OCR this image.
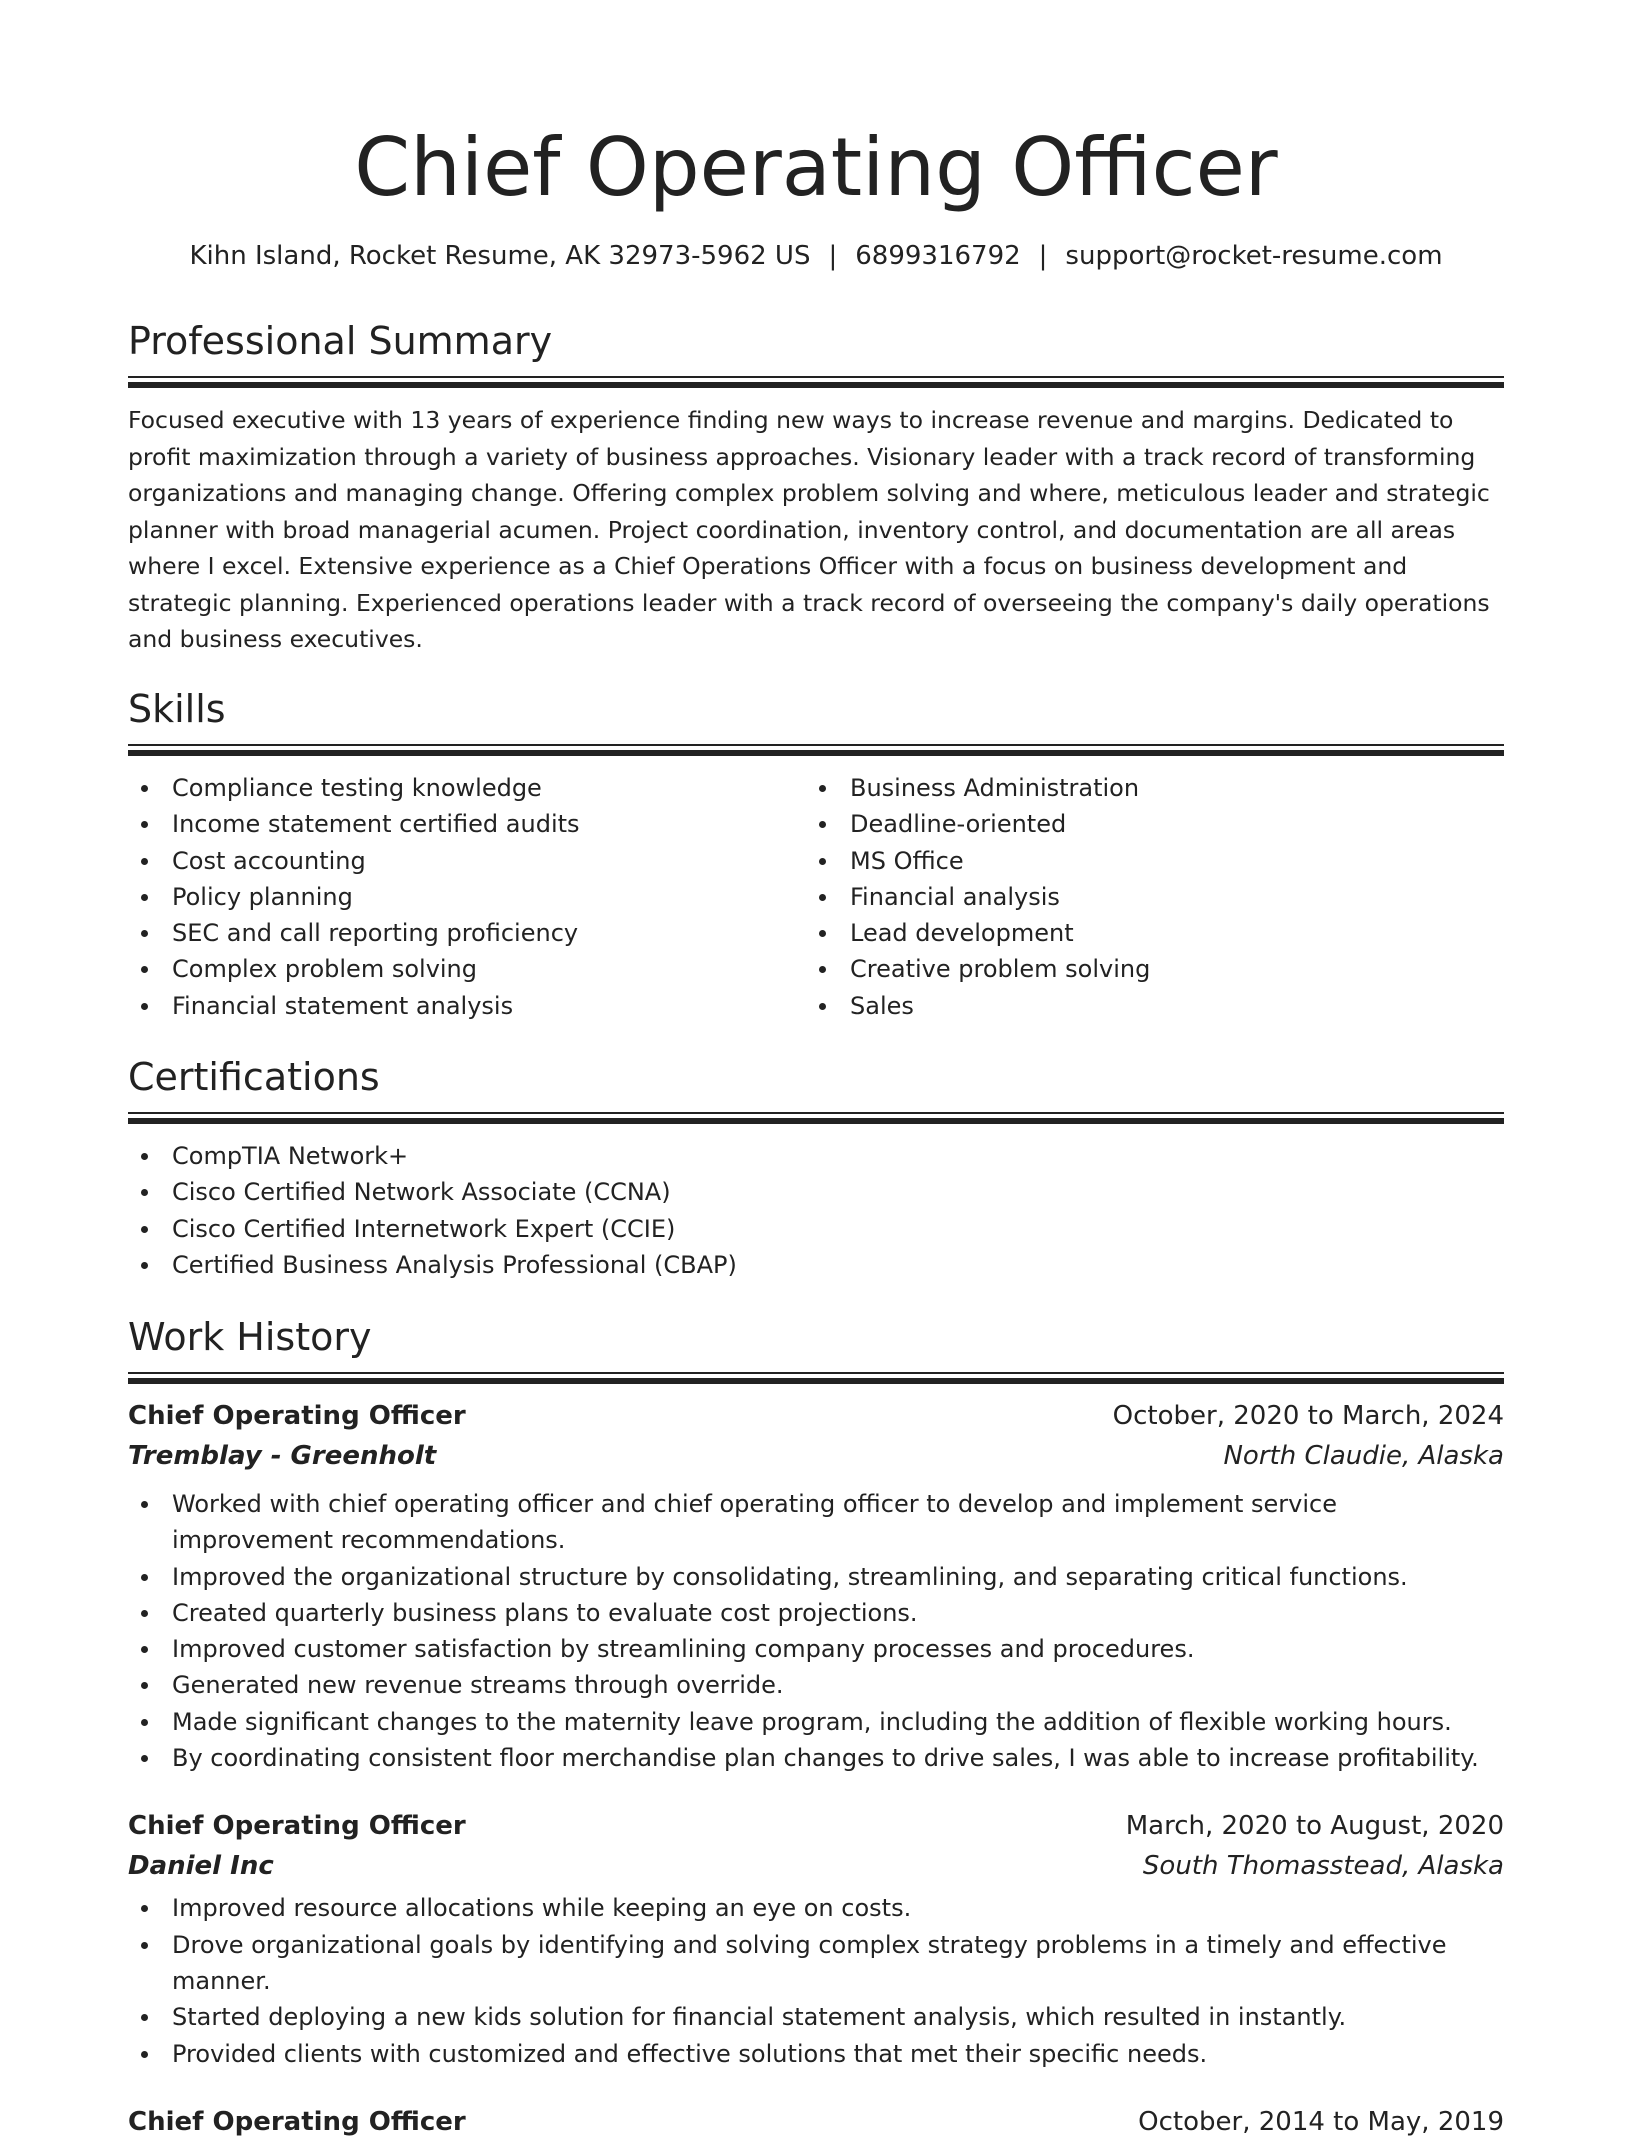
Chief Operating Officer
Kihn Island, Rocket Resume, AK 32973-5962 US | 6899316792 | support@rocket-resume.com
Professional Summary

Focused executive with 13 years of experience finding new ways to increase revenue and margins. Dedicated to profit maximization through a variety of business approaches. Visionary leader with a track record of transforming organizations and managing change. Offering complex problem solving and where, meticulous leader and strategic planner with broad managerial acumen. Project coordination, inventory control, and documentation are all areas where I excel. Extensive experience as a Chief Operations Officer with a focus on business development and strategic planning. Experienced operations leader with a track record of overseeing the company's daily operations and business executives.

Skills
Compliance testing knowledge
Income statement certified audits
Cost accounting
Policy planning
SEC and call reporting proficiency
Complex problem solving
Financial statement analysis
Business Administration
Deadline-oriented
MS Office
Financial analysis
Lead development
Creative problem solving
Sales
Certifications
CompTIA Network+
Cisco Certified Network Associate (CCNA)
Cisco Certified Internetwork Expert (CCIE)
Certified Business Analysis Professional (CBAP)
Work History
Chief Operating Officer	October, 2020 to March, 2024
Tremblay - Greenholt	North Claudie, Alaska
Worked with chief operating officer and chief operating officer to develop and implement service improvement recommendations.
Improved the organizational structure by consolidating, streamlining, and separating critical functions.
Created quarterly business plans to evaluate cost projections.
Improved customer satisfaction by streamlining company processes and procedures.
Generated new revenue streams through override.
Made significant changes to the maternity leave program, including the addition of flexible working hours.
By coordinating consistent floor merchandise plan changes to drive sales, I was able to increase profitability.
Chief Operating Officer	March, 2020 to August, 2020
Daniel Inc	South Thomasstead, Alaska
Improved resource allocations while keeping an eye on costs.
Drove organizational goals by identifying and solving complex strategy problems in a timely and effective manner.
Started deploying a new kids solution for financial statement analysis, which resulted in instantly.
Provided clients with customized and effective solutions that met their specific needs.
Chief Operating Officer	October, 2014 to May, 2019
